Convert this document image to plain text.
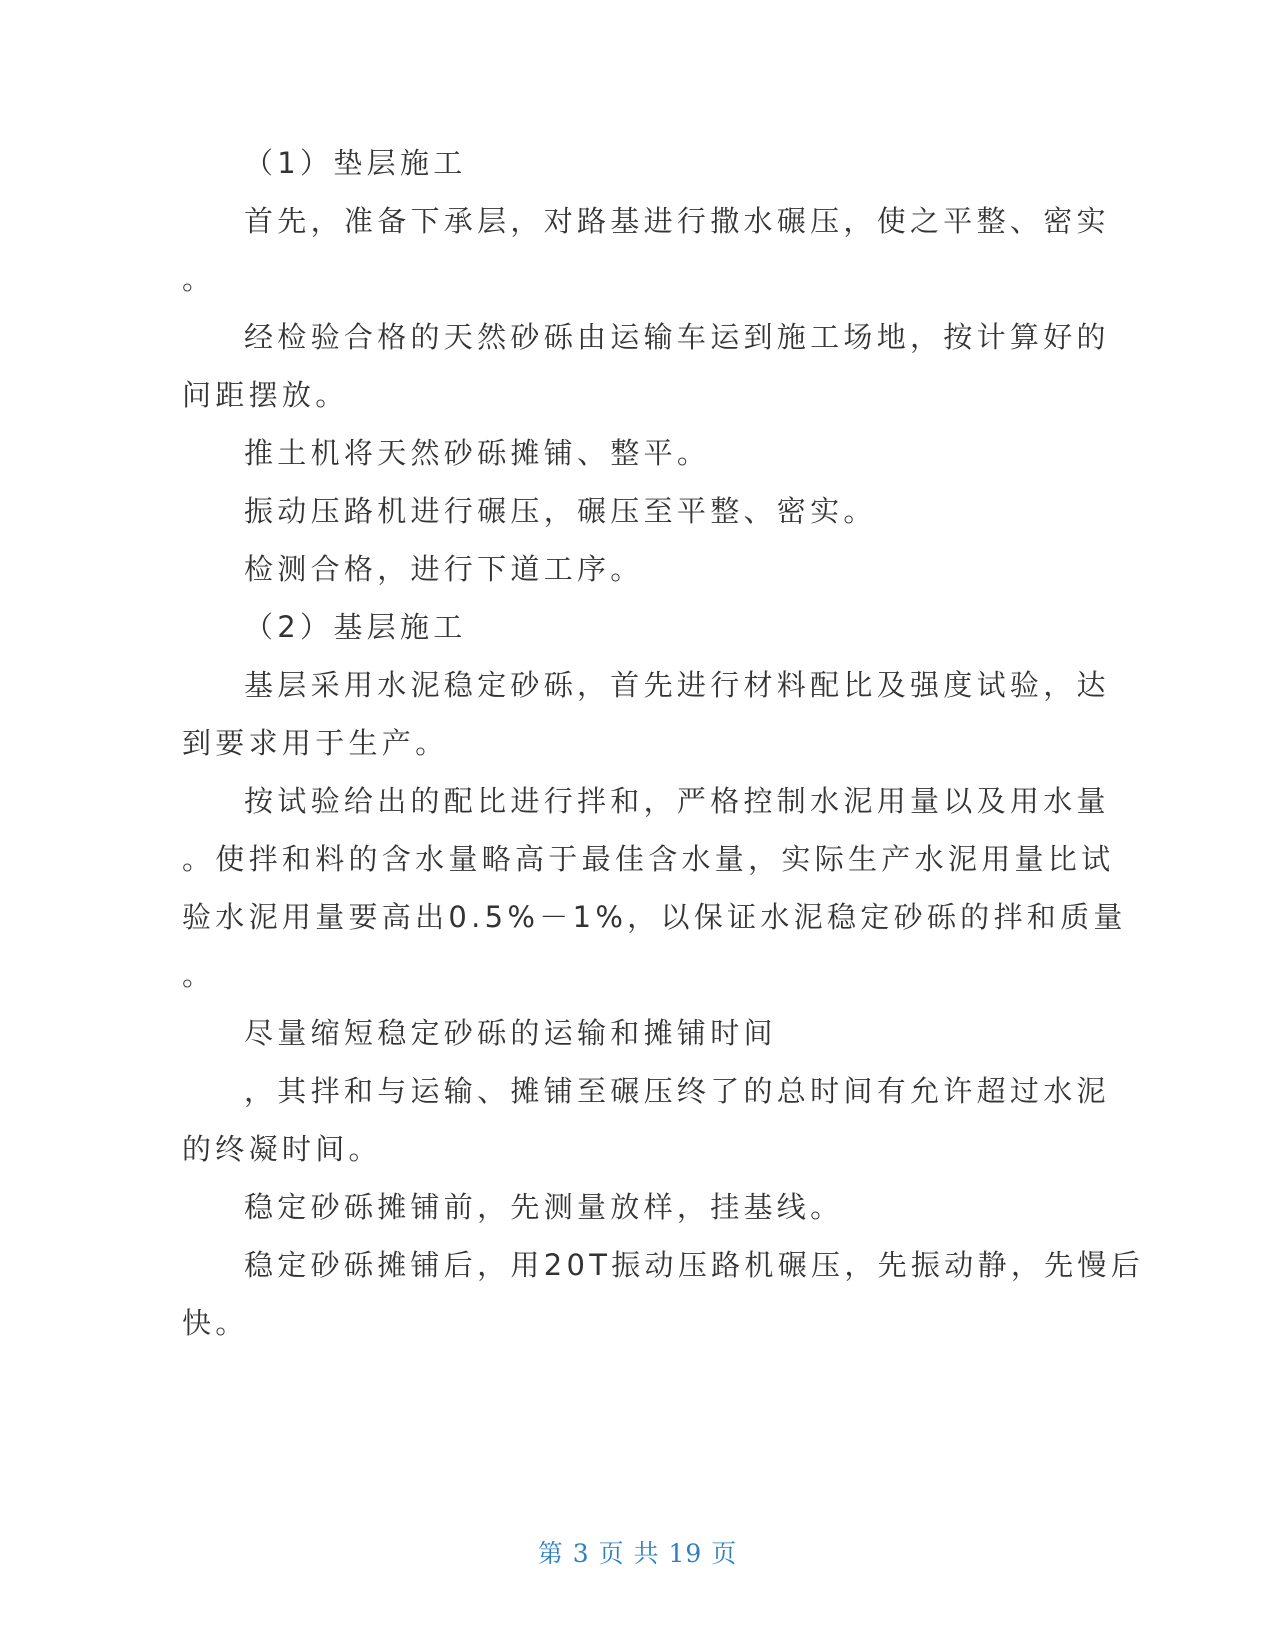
（1）垫层施工
首先，准备下承层，对路基进行撒水碾压，使之平整、密实
。
经检验合格的天然砂砾由运输车运到施工场地，按计算好的
问距摆放。
推土机将天然砂砾摊铺、整平。
振动压路机进行碾压，碾压至平整、密实。
检测合格，进行下道工序。
（2）基层施工
基层采用水泥稳定砂砾，首先进行材料配比及强度试验，达
到要求用于生产。
按试验给出的配比进行拌和，严格控制水泥用量以及用水量
。使拌和料的含水量略高于最佳含水量，实际生产水泥用量比试
验水泥用量要高出0.5%－1%，以保证水泥稳定砂砾的拌和质量
。
尽量缩短稳定砂砾的运输和摊铺时间
，其拌和与运输、摊铺至碾压终了的总时间有允许超过水泥
的终凝时间。
稳定砂砾摊铺前，先测量放样，挂基线。
稳定砂砾摊铺后，用20T振动压路机碾压，先振动静，先慢后
快。
第 3 页 共 19 页
